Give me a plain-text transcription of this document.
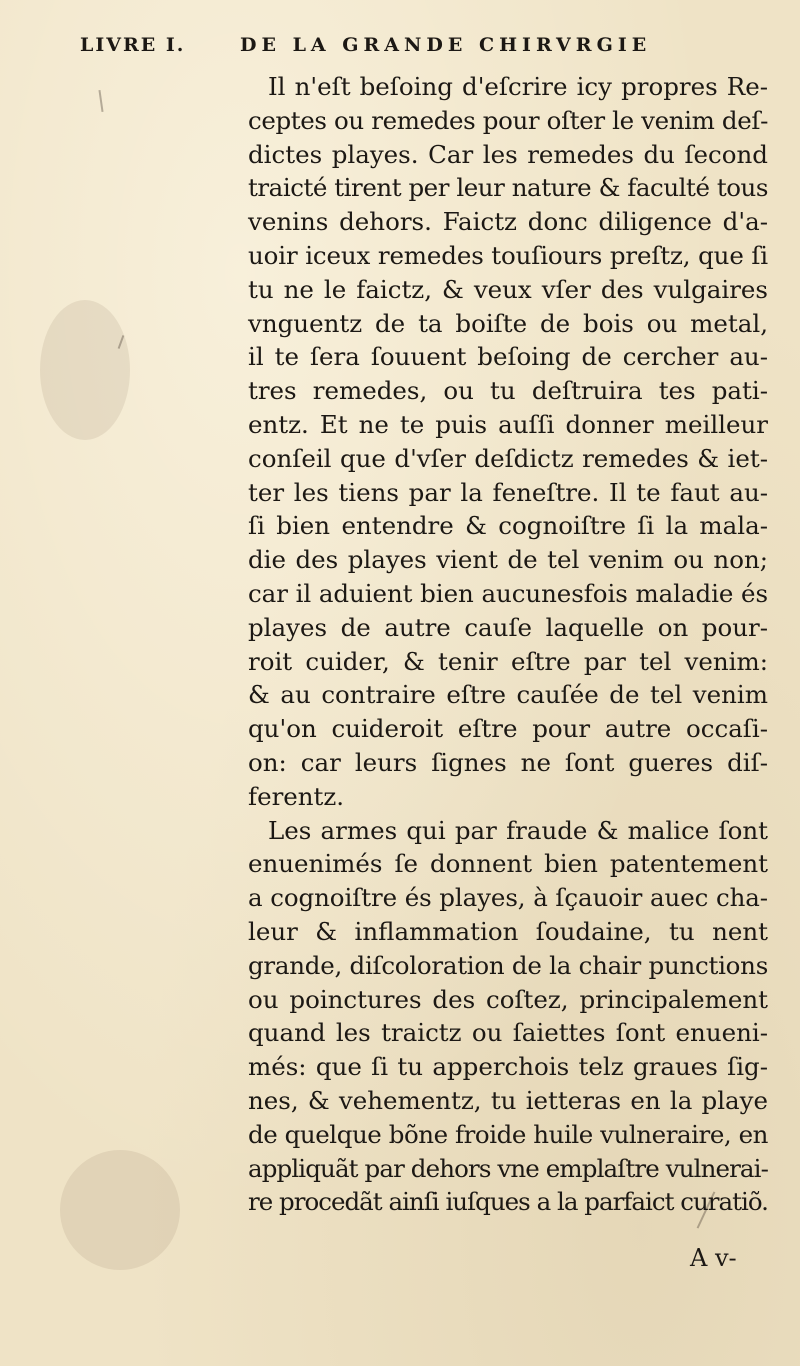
LIVRE I.	DE LA GRANDE CHIRVRGIE
Il n'eſt beſoing d'eſcrire icy propres Re-
ceptes ou remedes pour oſter le venim deſ-
dictes playes. Car les remedes du ſecond
traicté tirent per leur nature & faculté tous
venins dehors. Faictz donc diligence d'a-
uoir iceux remedes touſiours preſtz, que ſi
tu ne le faictz, & veux vſer des vulgaires
vnguentz de ta boiſte de bois ou metal,
il te ſera ſouuent beſoing de cercher au-
tres remedes, ou tu deſtruira tes pati-
entz. Et ne te puis auſſi donner meilleur
conſeil que d'vſer deſdictz remedes & iet-
ter les tiens par la feneſtre. Il te faut au-
ſi bien entendre & cognoiſtre ſi la mala-
die des playes vient de tel venim ou non;
car il aduient bien aucunesfois maladie és
playes de autre cauſe laquelle on pour-
roit cuider, & tenir eſtre par tel venim:
& au contraire eſtre cauſée de tel venim
qu'on cuideroit eſtre pour autre occaſi-
on: car leurs ſignes ne ſont gueres diſ-
ferentz.
Les armes qui par fraude & malice ſont
enuenimés ſe donnent bien patentement
a cognoiſtre és playes, à ſçauoir auec cha-
leur & inflammation ſoudaine, tu nent
grande, diſcoloration de la chair punctions
ou poinctures des coſtez, principalement
quand les traictz ou ſaiettes ſont enueni-
més: que ſi tu apperchois telz graues ſig-
nes, & vehementz, tu ietteras en la playe
de quelque bõne froide huile vulneraire, en
appliquãt par dehors vne emplaſtre vulnerai-
re procedãt ainſi iuſques a la parfaict curatiõ.
A v-
